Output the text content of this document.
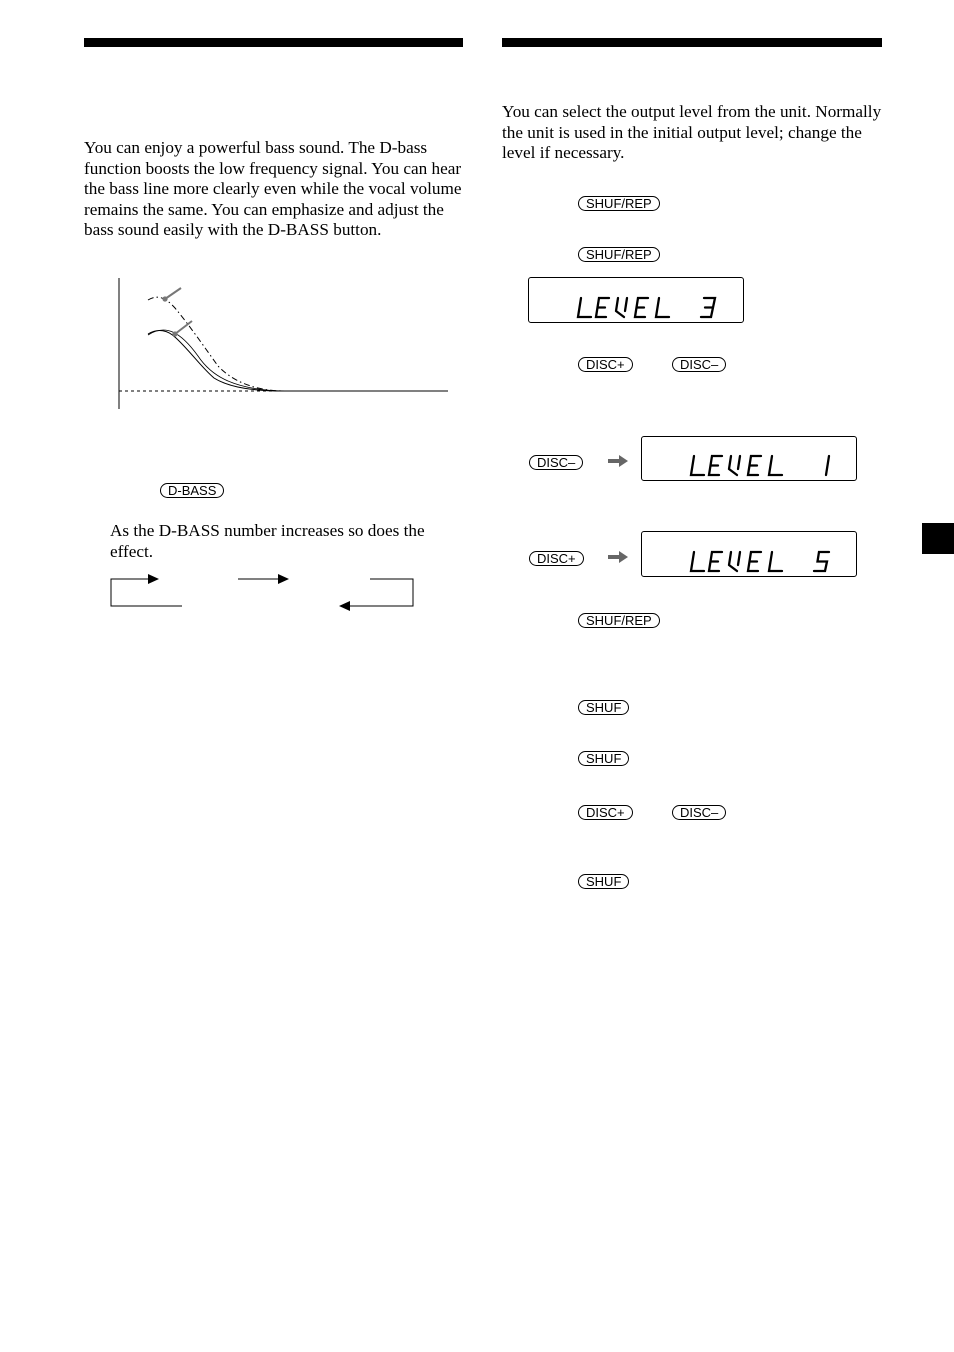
You can enjoy a powerful bass sound. The D-bass function boosts the low frequency signal. You can hear the bass line more clearly even while the vocal volume remains the same. You can emphasize and adjust the bass sound easily with the D-BASS button.

D-BASS

As the D-BASS number increases so does the effect.

You can select the output level from the unit. Normally the unit is used in the initial output level; change the level if necessary.

SHUF/REP
SHUF/REP
DISC+	DISC–
DISC–
DISC+
SHUF/REP
SHUF
SHUF
DISC+	DISC–
SHUF
